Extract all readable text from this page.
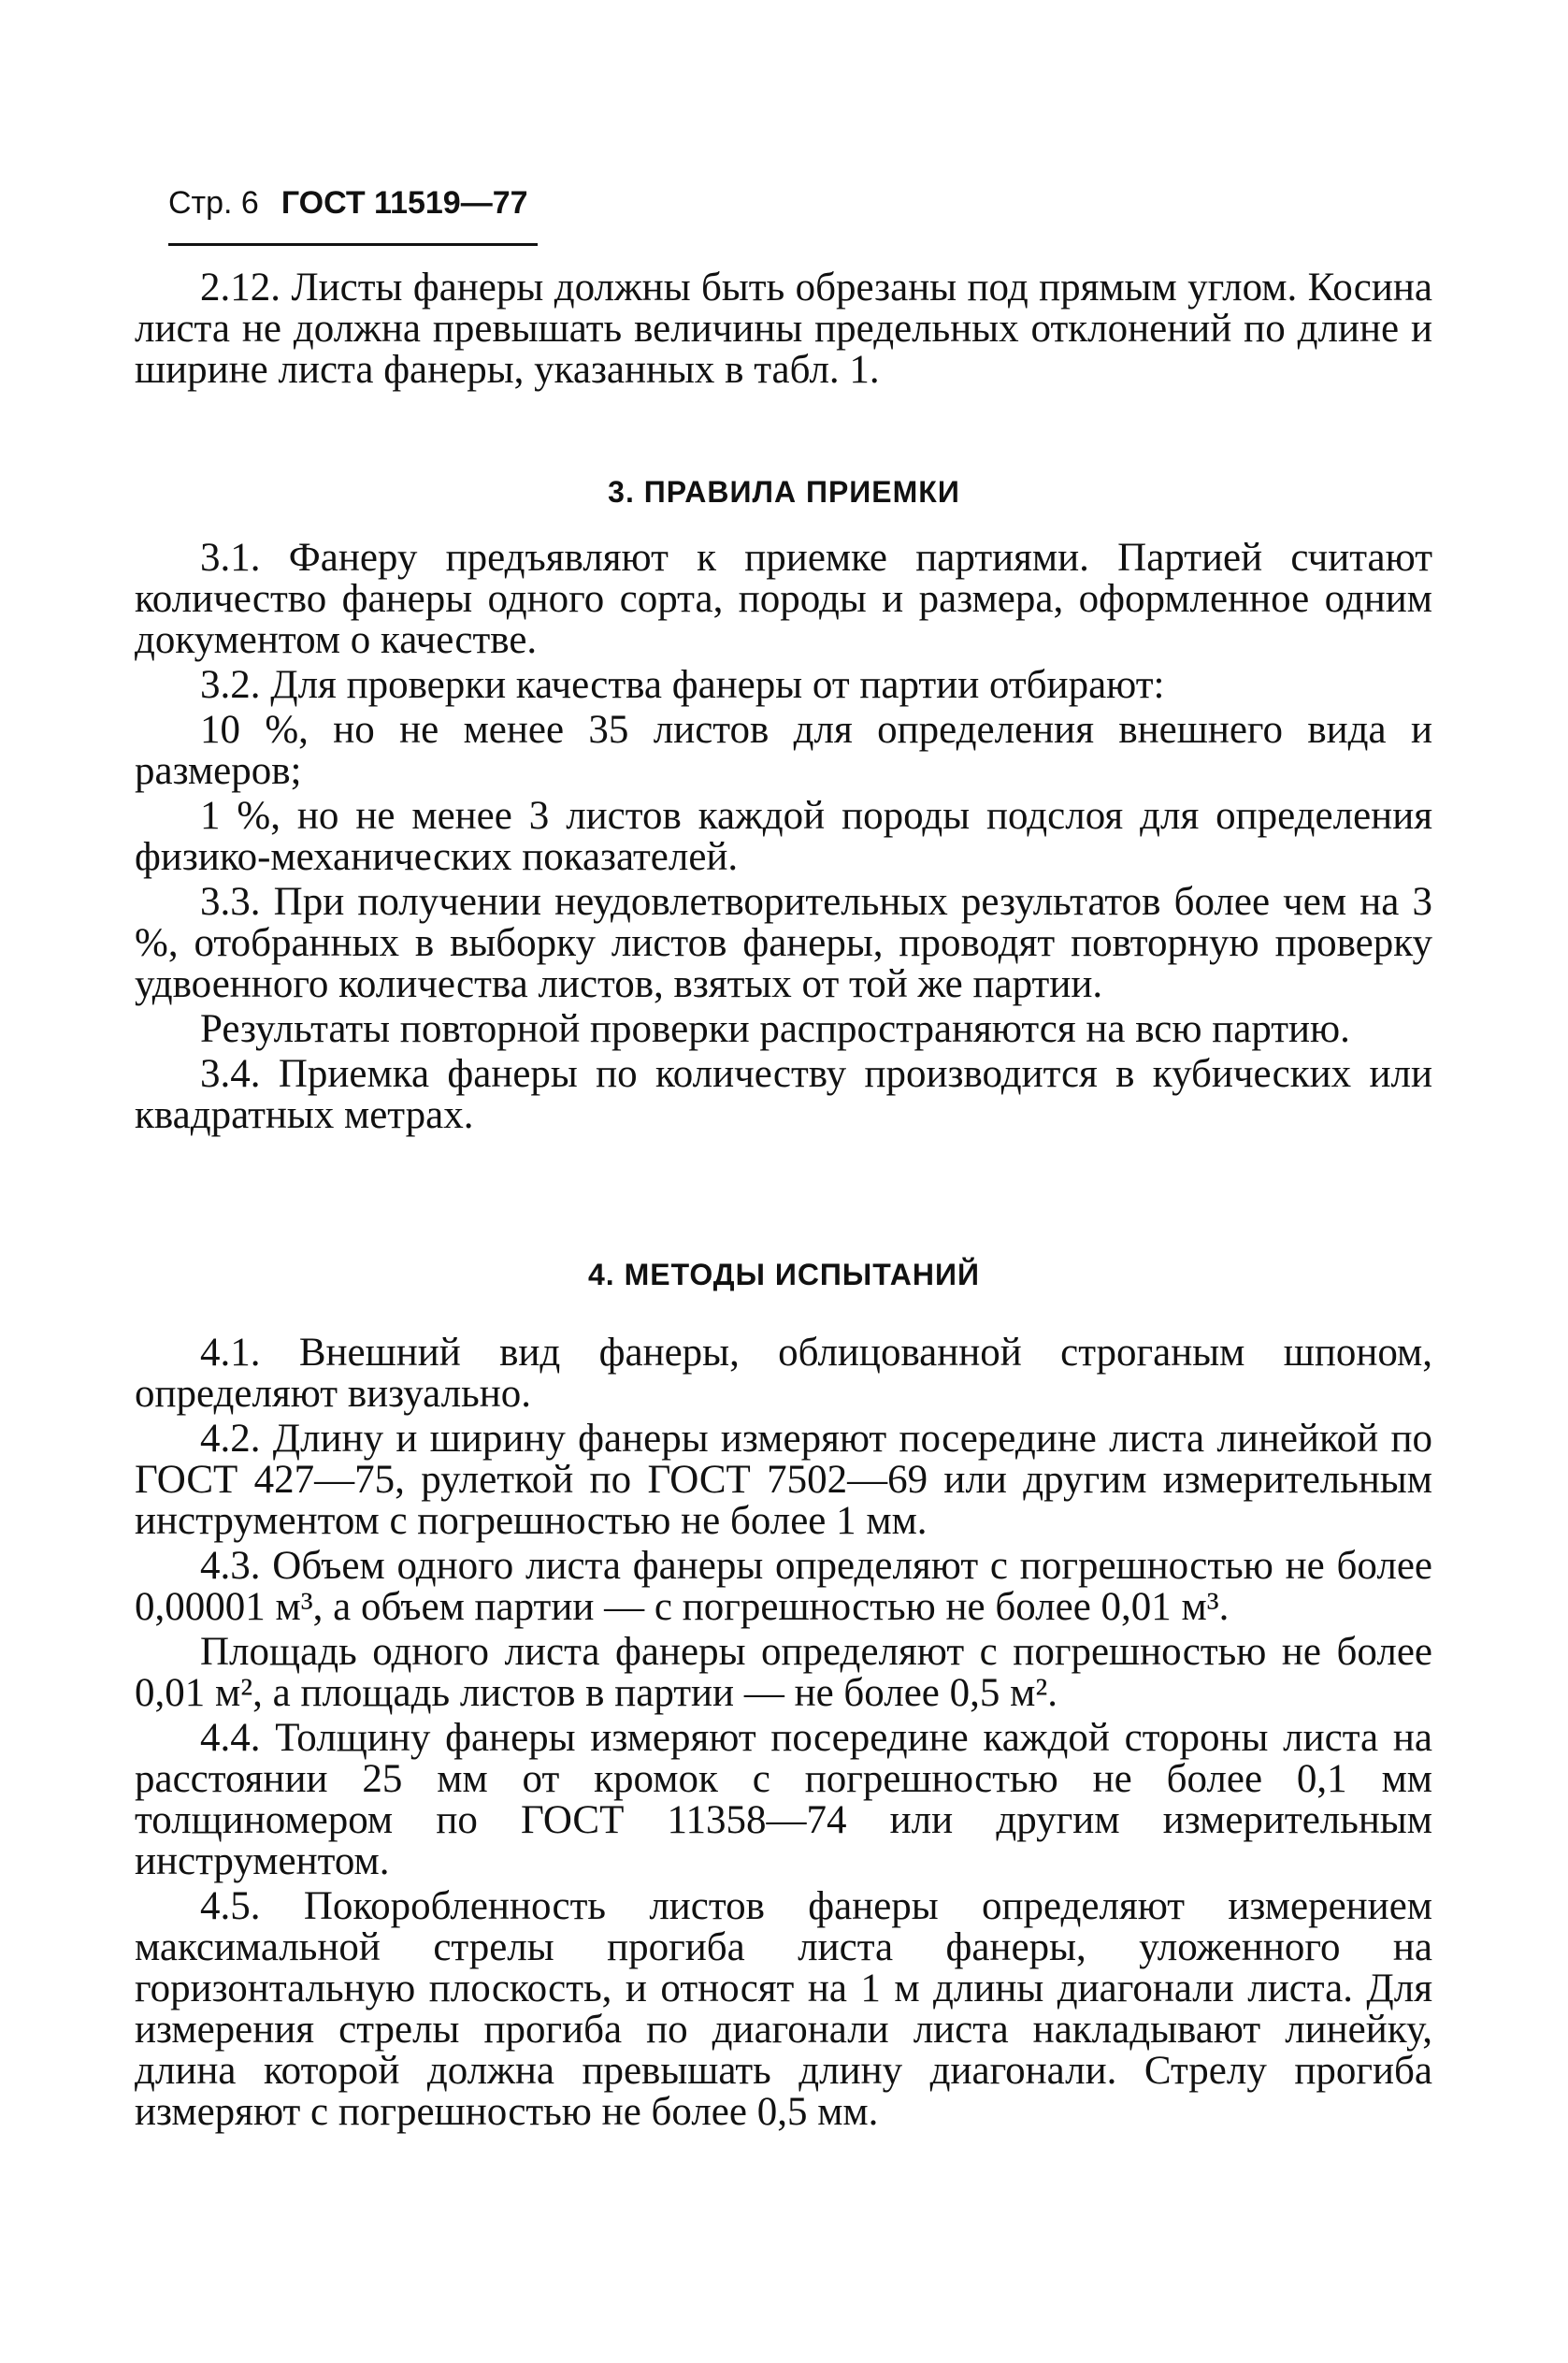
Стр. 6 ГОСТ 11519—77

2.12. Листы фанеры должны быть обрезаны под прямым углом. Косина листа не должна превышать величины предельных отклонений по длине и ширине листа фанеры, указанных в табл. 1.

3. ПРАВИЛА ПРИЕМКИ

3.1. Фанеру предъявляют к приемке партиями. Партией считают количество фанеры одного сорта, породы и размера, оформленное одним документом о качестве.

3.2. Для проверки качества фанеры от партии отбирают:

10 %, но не менее 35 листов для определения внешнего вида и размеров;

1 %, но не менее 3 листов каждой породы подслоя для определения физико-механических показателей.

3.3. При получении неудовлетворительных результатов более чем на 3 %, отобранных в выборку листов фанеры, проводят повторную проверку удвоенного количества листов, взятых от той же партии.

Результаты повторной проверки распространяются на всю партию.

3.4. Приемка фанеры по количеству производится в кубических или квадратных метрах.

4. МЕТОДЫ ИСПЫТАНИЙ

4.1. Внешний вид фанеры, облицованной строганым шпоном, определяют визуально.

4.2. Длину и ширину фанеры измеряют посередине листа линейкой по ГОСТ 427—75, рулеткой по ГОСТ 7502—69 или другим измерительным инструментом с погрешностью не более 1 мм.

4.3. Объем одного листа фанеры определяют с погрешностью не более 0,00001 м³, а объем партии — с погрешностью не более 0,01 м³.

Площадь одного листа фанеры определяют с погрешностью не более 0,01 м², а площадь листов в партии — не более 0,5 м².

4.4. Толщину фанеры измеряют посередине каждой стороны листа на расстоянии 25 мм от кромок с погрешностью не более 0,1 мм толщиномером по ГОСТ 11358—74 или другим измерительным инструментом.

4.5. Покоробленность листов фанеры определяют измерением максимальной стрелы прогиба листа фанеры, уложенного на горизонтальную плоскость, и относят на 1 м длины диагонали листа. Для измерения стрелы прогиба по диагонали листа накладывают линейку, длина которой должна превышать длину диагонали. Стрелу прогиба измеряют с погрешностью не более 0,5 мм.
